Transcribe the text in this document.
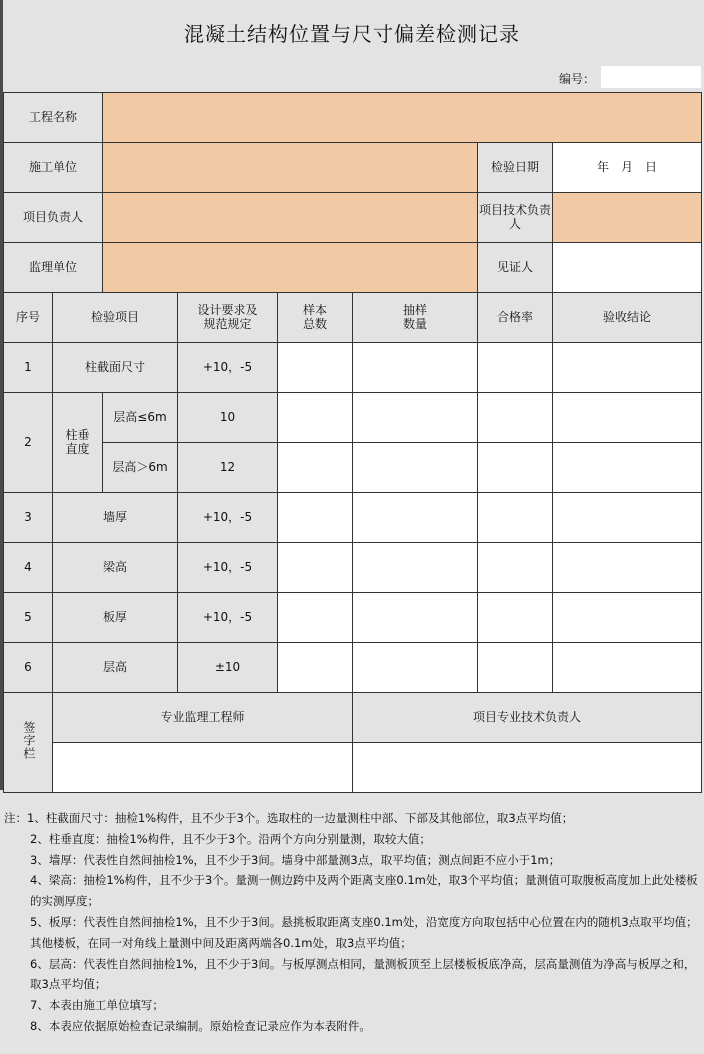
混凝土结构位置与尺寸偏差检测记录
编号：
工程名称							
施工单位						检验日期	年　月　日
项目负责人						项目技术负责人	
监理单位						见证人	
序号	检验项目		设计要求及规范规定	样本总数	抽样数量	合格率	验收结论
1	柱截面尺寸		+10，-5				
2	柱垂直度	层高≤6m	10				
		层高＞6m	12				
3	墙厚		+10，-5				
4	梁高		+10，-5				
5	板厚		+10，-5				
6	层高		±10				
签字栏	专业监理工程师				项目专业技术负责人		

注：1、柱截面尺寸：抽检1%构件，且不少于3个。选取柱的一边量测柱中部、下部及其他部位，取3点平均值；

2、柱垂直度：抽检1%构件，且不少于3个。沿两个方向分别量测，取较大值；

3、墙厚：代表性自然间抽检1%，且不少于3间。墙身中部量测3点，取平均值；测点间距不应小于1m；

4、梁高：抽检1%构件，且不少于3个。量测一侧边跨中及两个距离支座0.1m处，取3个平均值；量测值可取腹板高度加上此处楼板的实测厚度；

5、板厚：代表性自然间抽检1%，且不少于3间。悬挑板取距离支座0.1m处，沿宽度方向取包括中心位置在内的随机3点取平均值；其他楼板，在同一对角线上量测中间及距离两端各0.1m处，取3点平均值；

6、层高：代表性自然间抽检1%，且不少于3间。与板厚测点相同，量测板顶至上层楼板板底净高，层高量测值为净高与板厚之和，取3点平均值；

7、本表由施工单位填写；

8、本表应依据原始检查记录编制。原始检查记录应作为本表附件。
